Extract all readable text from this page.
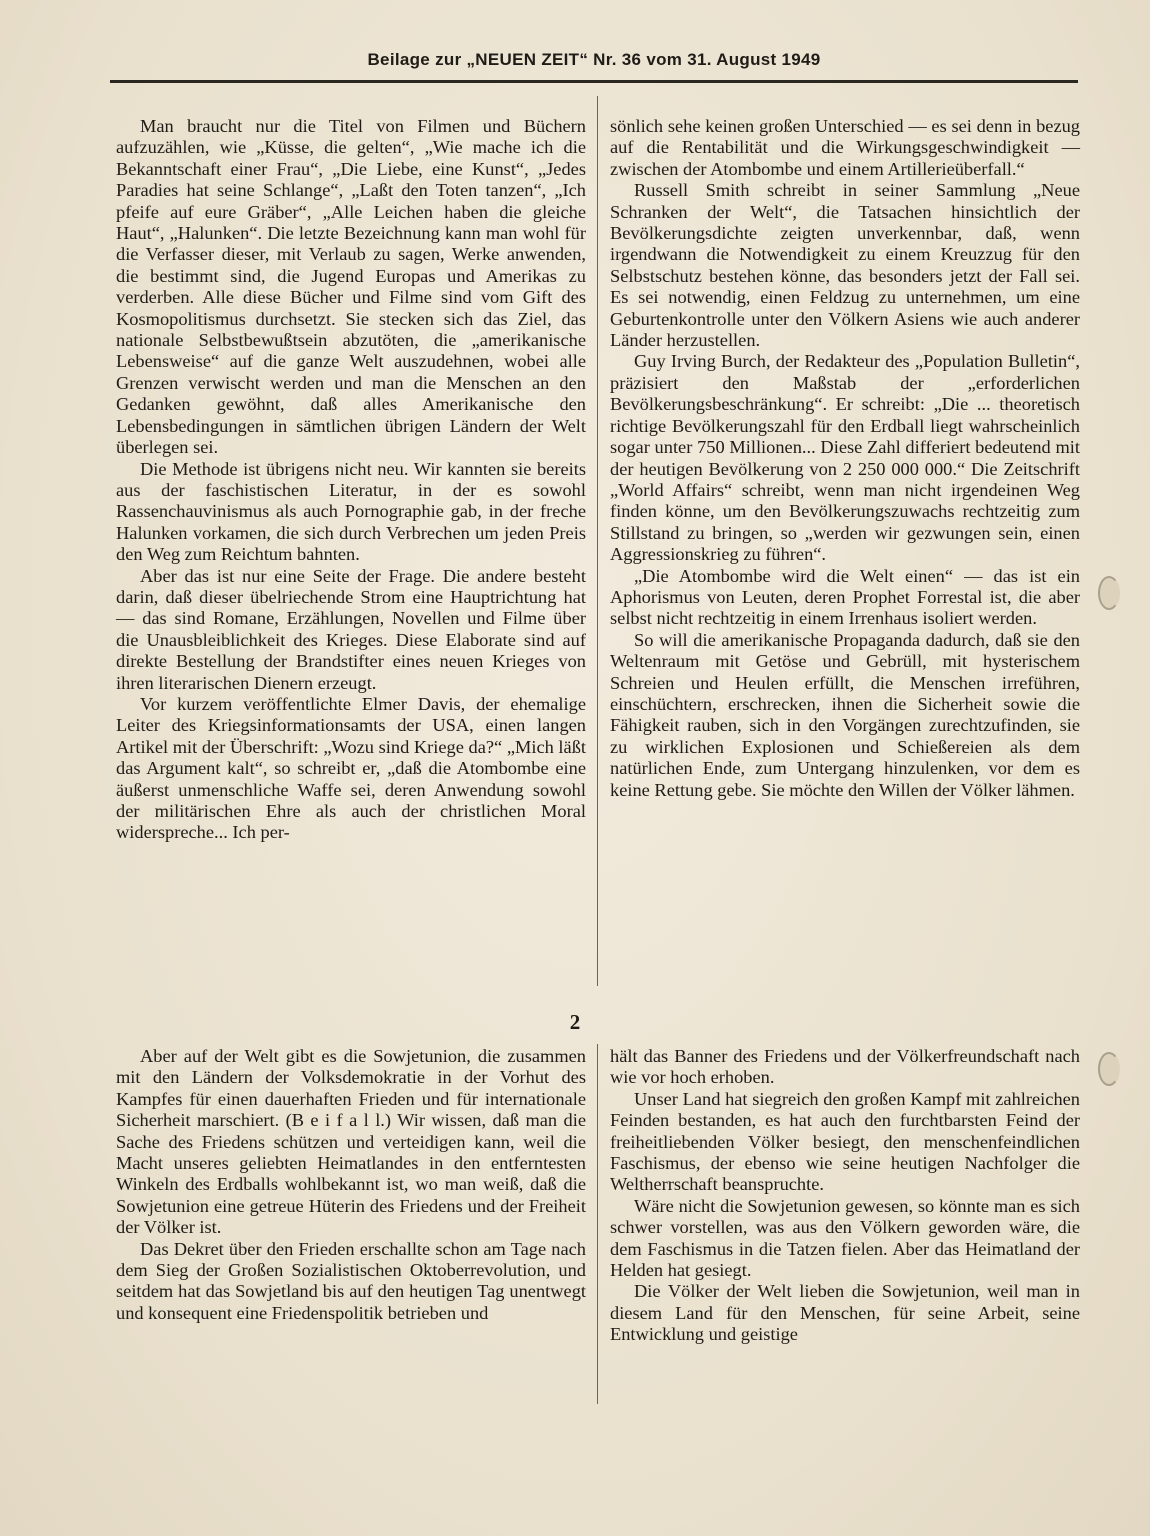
Beilage zur „NEUEN ZEIT“ Nr. 36 vom 31. August 1949

Man braucht nur die Titel von Filmen und Büchern aufzuzählen, wie „Küsse, die gelten“, „Wie mache ich die Bekanntschaft einer Frau“, „Die Liebe, eine Kunst“, „Jedes Paradies hat seine Schlange“, „Laßt den Toten tanzen“, „Ich pfeife auf eure Gräber“, „Alle Leichen haben die gleiche Haut“, „Halunken“. Die letzte Bezeichnung kann man wohl für die Verfasser dieser, mit Verlaub zu sagen, Werke anwenden, die bestimmt sind, die Jugend Europas und Amerikas zu verderben. Alle diese Bücher und Filme sind vom Gift des Kosmopolitismus durchsetzt. Sie stecken sich das Ziel, das nationale Selbstbewußtsein abzutöten, die „amerikanische Lebensweise“ auf die ganze Welt auszudehnen, wobei alle Grenzen verwischt werden und man die Menschen an den Gedanken gewöhnt, daß alles Amerikanische den Lebensbedingungen in sämtlichen übrigen Ländern der Welt überlegen sei.

Die Methode ist übrigens nicht neu. Wir kannten sie bereits aus der faschistischen Literatur, in der es sowohl Rassenchauvinismus als auch Pornographie gab, in der freche Halunken vorkamen, die sich durch Verbrechen um jeden Preis den Weg zum Reichtum bahnten.

Aber das ist nur eine Seite der Frage. Die andere besteht darin, daß dieser übelriechende Strom eine Hauptrichtung hat — das sind Romane, Erzählungen, Novellen und Filme über die Unausbleiblichkeit des Krieges. Diese Elaborate sind auf direkte Bestellung der Brandstifter eines neuen Krieges von ihren literarischen Dienern erzeugt.

Vor kurzem veröffentlichte Elmer Davis, der ehemalige Leiter des Kriegsinformationsamts der USA, einen langen Artikel mit der Überschrift: „Wozu sind Kriege da?“ „Mich läßt das Argument kalt“, so schreibt er, „daß die Atombombe eine äußerst unmenschliche Waffe sei, deren Anwendung sowohl der militärischen Ehre als auch der christlichen Moral widerspreche... Ich per-

sönlich sehe keinen großen Unterschied — es sei denn in bezug auf die Rentabilität und die Wirkungsgeschwindigkeit — zwischen der Atombombe und einem Artillerieüberfall.“

Russell Smith schreibt in seiner Sammlung „Neue Schranken der Welt“, die Tatsachen hinsichtlich der Bevölkerungsdichte zeigten unverkennbar, daß, wenn irgendwann die Notwendigkeit zu einem Kreuzzug für den Selbstschutz bestehen könne, das besonders jetzt der Fall sei. Es sei notwendig, einen Feldzug zu unternehmen, um eine Geburtenkontrolle unter den Völkern Asiens wie auch anderer Länder herzustellen.

Guy Irving Burch, der Redakteur des „Population Bulletin“, präzisiert den Maßstab der „erforderlichen Bevölkerungsbeschränkung“. Er schreibt: „Die ... theoretisch richtige Bevölkerungszahl für den Erdball liegt wahrscheinlich sogar unter 750 Millionen... Diese Zahl differiert bedeutend mit der heutigen Bevölkerung von 2 250 000 000.“ Die Zeitschrift „World Affairs“ schreibt, wenn man nicht irgendeinen Weg finden könne, um den Bevölkerungszuwachs rechtzeitig zum Stillstand zu bringen, so „werden wir gezwungen sein, einen Aggressionskrieg zu führen“.

„Die Atombombe wird die Welt einen“ — das ist ein Aphorismus von Leuten, deren Prophet Forrestal ist, die aber selbst nicht rechtzeitig in einem Irrenhaus isoliert werden.

So will die amerikanische Propaganda dadurch, daß sie den Weltenraum mit Getöse und Gebrüll, mit hysterischem Schreien und Heulen erfüllt, die Menschen irreführen, einschüchtern, erschrecken, ihnen die Sicherheit sowie die Fähigkeit rauben, sich in den Vorgängen zurechtzufinden, sie zu wirklichen Explosionen und Schießereien als dem natürlichen Ende, zum Untergang hinzulenken, vor dem es keine Rettung gebe. Sie möchte den Willen der Völker lähmen.

2

Aber auf der Welt gibt es die Sowjetunion, die zusammen mit den Ländern der Volksdemokratie in der Vorhut des Kampfes für einen dauerhaften Frieden und für internationale Sicherheit marschiert. (B e i f a l l.) Wir wissen, daß man die Sache des Friedens schützen und verteidigen kann, weil die Macht unseres geliebten Heimatlandes in den entferntesten Winkeln des Erdballs wohlbekannt ist, wo man weiß, daß die Sowjetunion eine getreue Hüterin des Friedens und der Freiheit der Völker ist.

Das Dekret über den Frieden erschallte schon am Tage nach dem Sieg der Großen Sozialistischen Oktoberrevolution, und seitdem hat das Sowjetland bis auf den heutigen Tag unentwegt und konsequent eine Friedenspolitik betrieben und

hält das Banner des Friedens und der Völkerfreundschaft nach wie vor hoch erhoben.

Unser Land hat siegreich den großen Kampf mit zahlreichen Feinden bestanden, es hat auch den furchtbarsten Feind der freiheitliebenden Völker besiegt, den menschenfeindlichen Faschismus, der ebenso wie seine heutigen Nachfolger die Weltherrschaft beanspruchte.

Wäre nicht die Sowjetunion gewesen, so könnte man es sich schwer vorstellen, was aus den Völkern geworden wäre, die dem Faschismus in die Tatzen fielen. Aber das Heimatland der Helden hat gesiegt.

Die Völker der Welt lieben die Sowjetunion, weil man in diesem Land für den Menschen, für seine Arbeit, seine Entwicklung und geistige
